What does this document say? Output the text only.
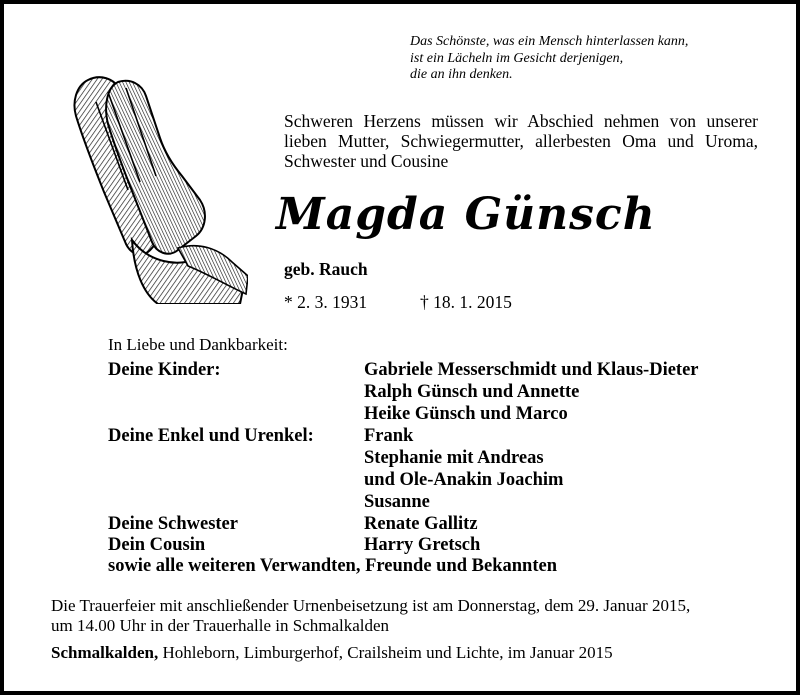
Das Schönste, was ein Mensch hinterlassen kann,
ist ein Lächeln im Gesicht derjenigen,
die an ihn denken.
Schweren Herzens müssen wir Abschied nehmen von unserer lieben Mutter, Schwiegermutter, allerbesten Oma und Uroma, Schwester und Cousine
Magda Günsch
geb. Rauch
* 2. 3. 1931	† 18. 1. 2015
In Liebe und Dankbarkeit:
Deine Kinder:	Gabriele Messerschmidt und Klaus-Dieter
Ralph Günsch und Annette
Heike Günsch und Marco
Deine Enkel und Urenkel:	Frank
Stephanie mit Andreas
und Ole-Anakin Joachim
Susanne
Deine Schwester	Renate Gallitz
Dein Cousin	Harry Gretsch
sowie alle weiteren Verwandten, Freunde und Bekannten
Die Trauerfeier mit anschließender Urnenbeisetzung ist am Donnerstag, dem 29. Januar 2015,
um 14.00 Uhr in der Trauerhalle in Schmalkalden
Schmalkalden, Hohleborn, Limburgerhof, Crailsheim und Lichte, im Januar 2015
